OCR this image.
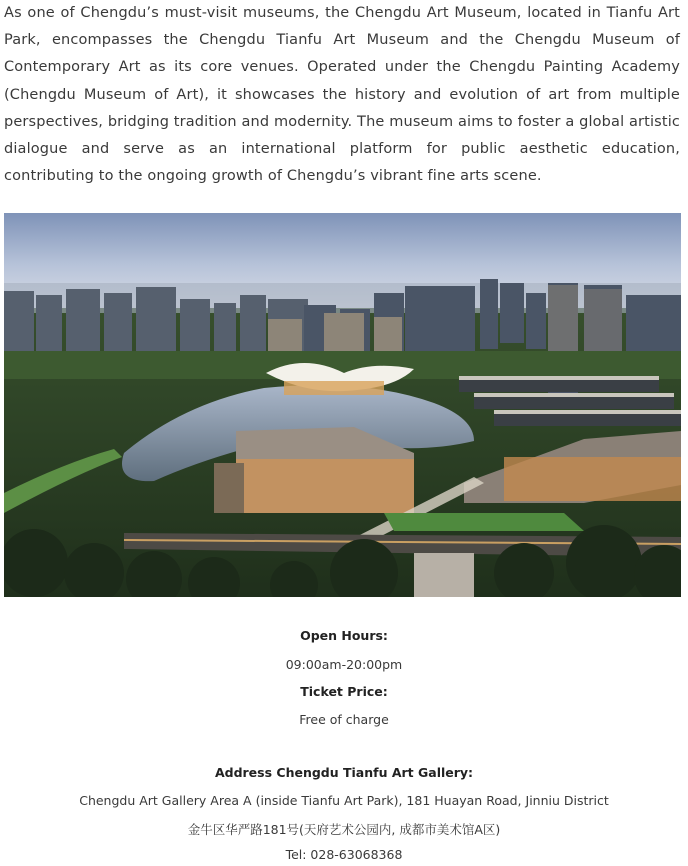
As one of Chengdu’s must-visit museums, the Chengdu Art Museum, located in Tianfu Art Park, encompasses the Chengdu Tianfu Art Museum and the Chengdu Museum of Contemporary Art as its core venues. Operated under the Chengdu Painting Academy (Chengdu Museum of Art), it showcases the history and evolution of art from multiple perspectives, bridging tradition and modernity. The museum aims to foster a global artistic dialogue and serve as an international platform for public aesthetic education, contributing to the ongoing growth of Chengdu’s vibrant fine arts scene.

Open Hours:
09:00am-20:00pm
Ticket Price:
Free of charge
Address Chengdu Tianfu Art Gallery:
Chengdu Art Gallery Area A (inside Tianfu Art Park), 181 Huayan Road, Jinniu District
金牛区华严路181号(天府艺术公园内, 成都市美术馆A区)
Tel: 028-63068368
